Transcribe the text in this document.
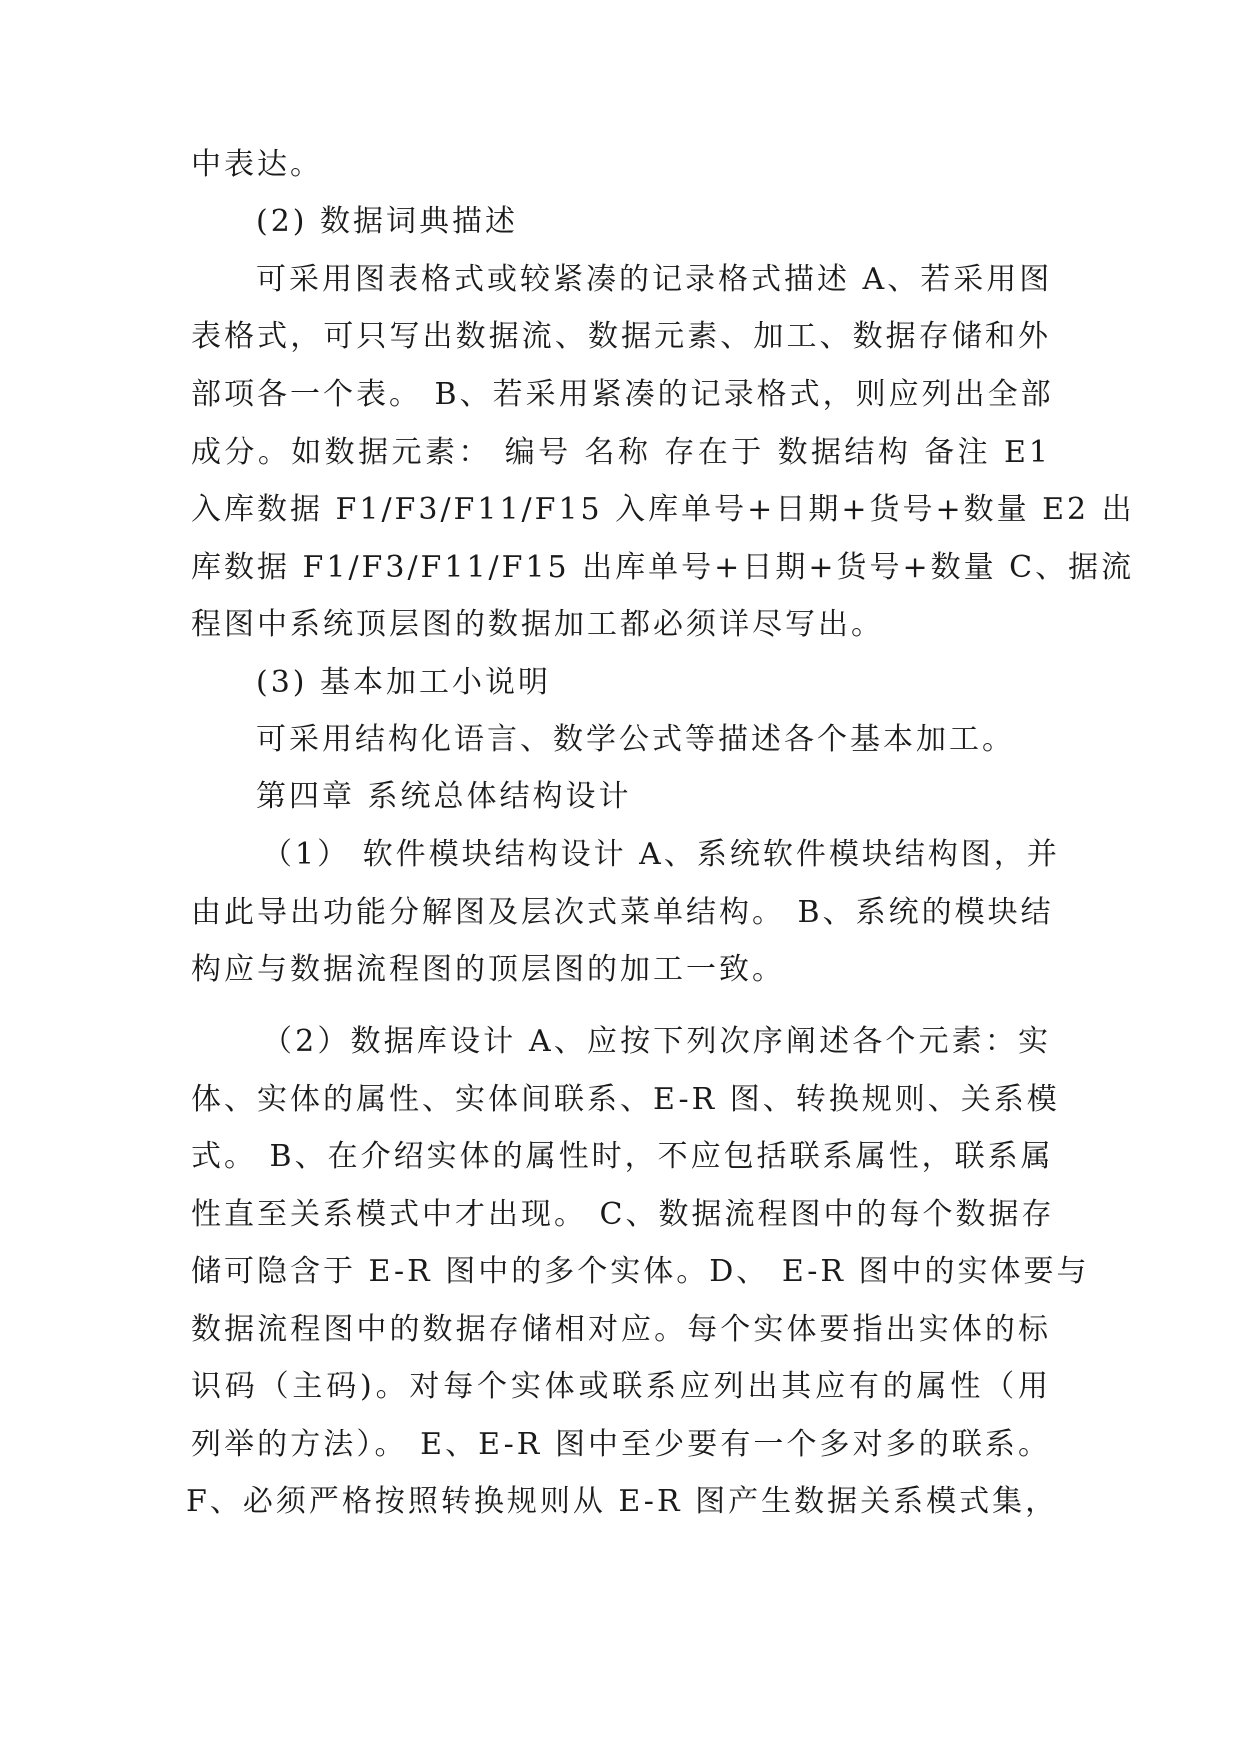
中表达。
(2) 数据词典描述
可采用图表格式或较紧凑的记录格式描述 A、若采用图
表格式，可只写出数据流、数据元素、加工、数据存储和外
部项各一个表。 B、若采用紧凑的记录格式，则应列出全部
成分。如数据元素： 编号 名称 存在于 数据结构 备注 E1
入库数据 F1/F3/F11/F15 入库单号+日期+货号+数量 E2 出
库数据 F1/F3/F11/F15 出库单号+日期+货号+数量 C、据流
程图中系统顶层图的数据加工都必须详尽写出。
(3) 基本加工小说明
可采用结构化语言、数学公式等描述各个基本加工。
第四章 系统总体结构设计
（1） 软件模块结构设计 A、系统软件模块结构图，并
由此导出功能分解图及层次式菜单结构。 B、系统的模块结
构应与数据流程图的顶层图的加工一致。
（2）数据库设计 A、应按下列次序阐述各个元素：实
体、实体的属性、实体间联系、E-R 图、转换规则、关系模
式。 B、在介绍实体的属性时，不应包括联系属性，联系属
性直至关系模式中才出现。 C、数据流程图中的每个数据存
储可隐含于 E-R 图中的多个实体。D、 E-R 图中的实体要与
数据流程图中的数据存储相对应。每个实体要指出实体的标
识码（主码)。对每个实体或联系应列出其应有的属性（用
列举的方法）。 E、E-R 图中至少要有一个多对多的联系。
F、必须严格按照转换规则从 E-R 图产生数据关系模式集，
